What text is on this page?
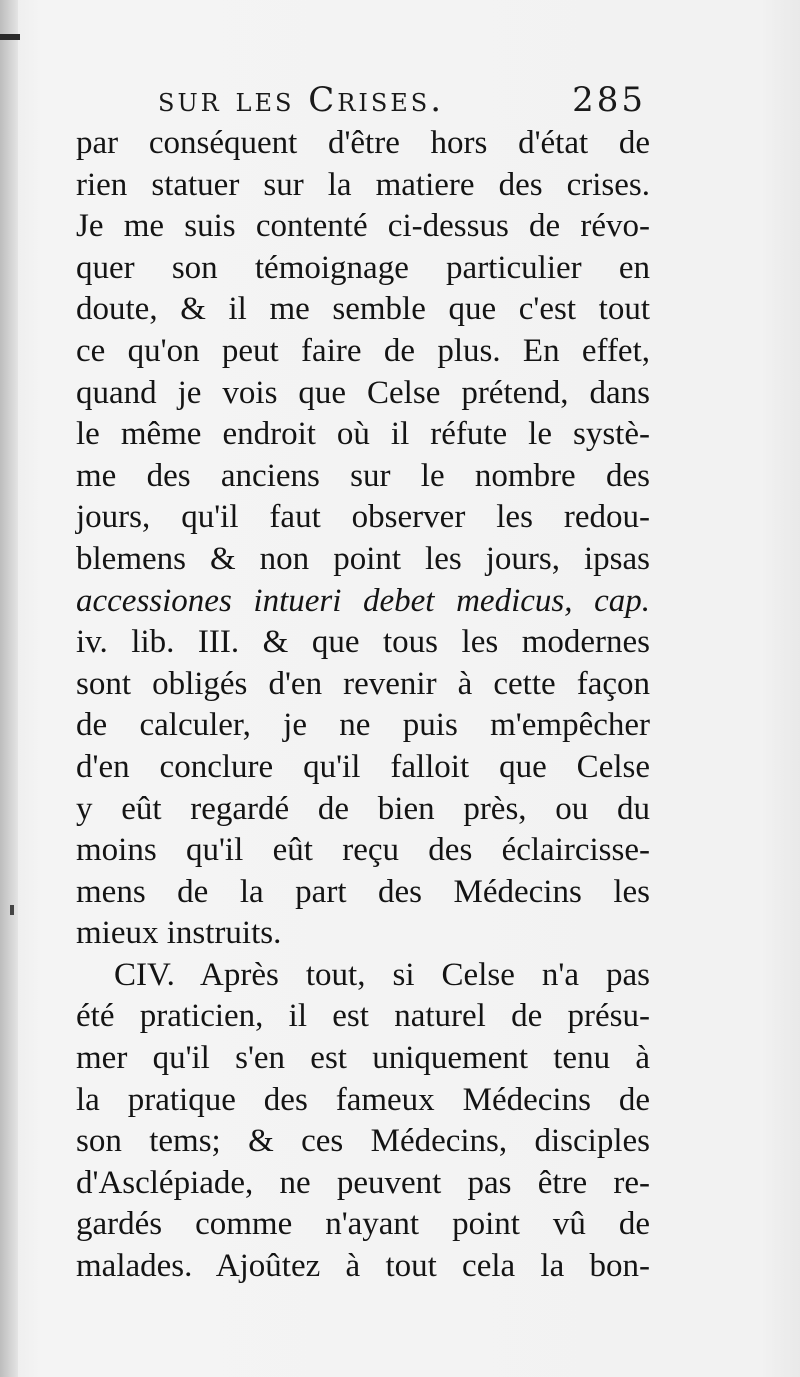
sur les Crises.	285
par conséquent d'être hors d'état de
rien statuer sur la matiere des crises.
Je me suis contenté ci-dessus de révo-
quer son témoignage particulier en
doute, & il me semble que c'est tout
ce qu'on peut faire de plus. En effet,
quand je vois que Celse prétend, dans
le même endroit où il réfute le systè-
me des anciens sur le nombre des
jours, qu'il faut observer les redou-
blemens & non point les jours, ipsas
accessiones intueri debet medicus, cap.
iv. lib. III. & que tous les modernes
sont obligés d'en revenir à cette façon
de calculer, je ne puis m'empêcher
d'en conclure qu'il falloit que Celse
y eût regardé de bien près, ou du
moins qu'il eût reçu des éclaircisse-
mens de la part des Médecins les
mieux instruits.
CIV. Après tout, si Celse n'a pas
été praticien, il est naturel de présu-
mer qu'il s'en est uniquement tenu à
la pratique des fameux Médecins de
son tems; & ces Médecins, disciples
d'Asclépiade, ne peuvent pas être re-
gardés comme n'ayant point vû de
malades. Ajoûtez à tout cela la bon-
